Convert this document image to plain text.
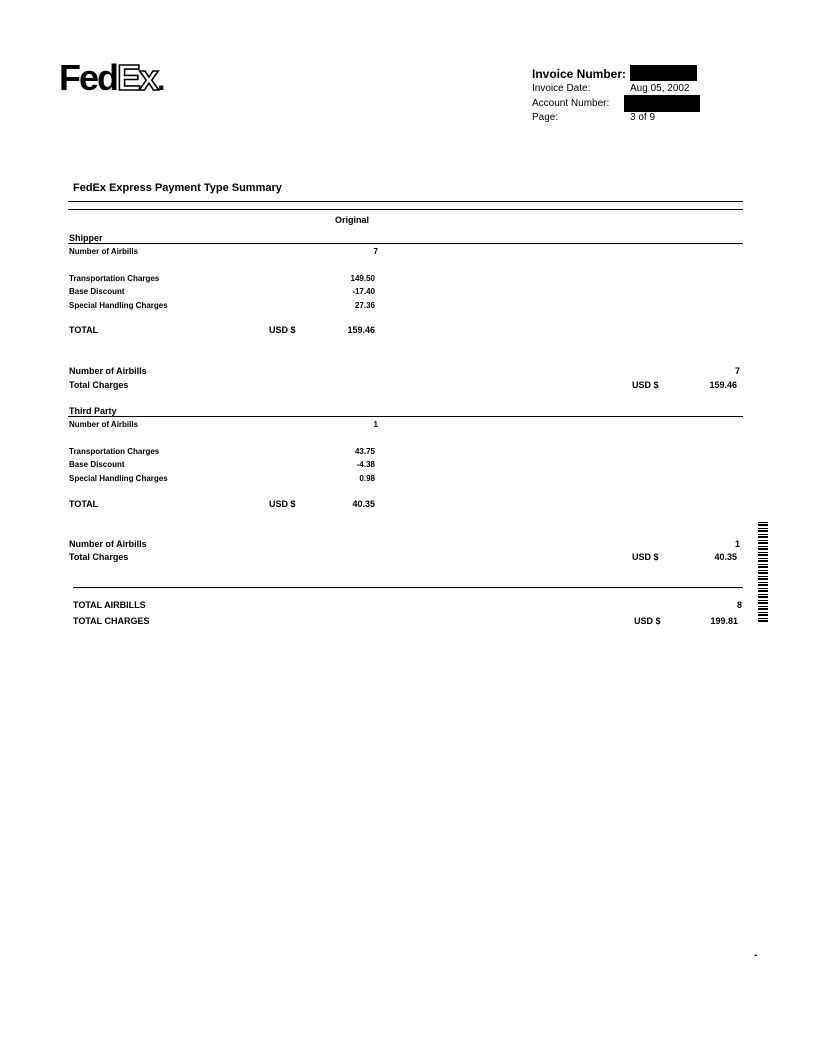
FedEx.	Invoice Number:
Invoice Date:	Aug 05, 2002
Account Number:
Page:	3 of 9
FedEx Express Payment Type Summary
Original
Shipper
Number of Airbills	7
Transportation Charges	149.50
Base Discount	-17.40
Special Handling Charges	27.36
TOTAL	USD $	159.46
Number of Airbills	7
Total Charges	USD $	159.46
Third Party
Number of Airbills	1
Transportation Charges	43.75
Base Discount	-4.38
Special Handling Charges	0.98
TOTAL	USD $	40.35
Number of Airbills	1
Total Charges	USD $	40.35
TOTAL AIRBILLS	8
TOTAL CHARGES	USD $	199.81
-
